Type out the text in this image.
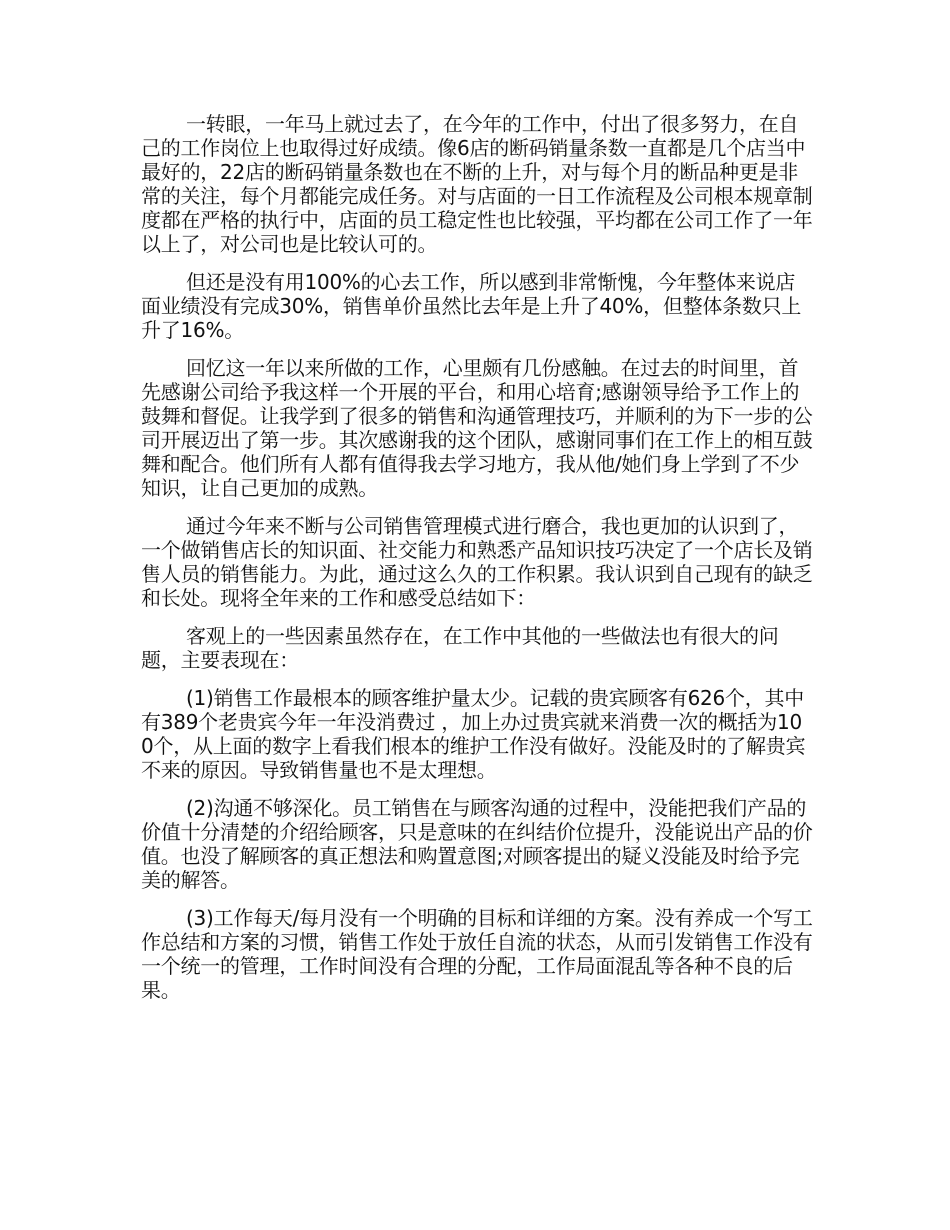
一转眼，一年马上就过去了，在今年的工作中，付出了很多努力，在自己的工作岗位上也取得过好成绩。像6店的断码销量条数一直都是几个店当中最好的，22店的断码销量条数也在不断的上升，对与每个月的断品种更是非常的关注，每个月都能完成任务。对与店面的一日工作流程及公司根本规章制度都在严格的执行中，店面的员工稳定性也比较强，平均都在公司工作了一年以上了，对公司也是比较认可的。

但还是没有用100%的心去工作，所以感到非常惭愧，今年整体来说店面业绩没有完成30%，销售单价虽然比去年是上升了40%，但整体条数只上升了16%。

回忆这一年以来所做的工作，心里颇有几份感触。在过去的时间里，首先感谢公司给予我这样一个开展的平台，和用心培育;感谢领导给予工作上的鼓舞和督促。让我学到了很多的销售和沟通管理技巧，并顺利的为下一步的公司开展迈出了第一步。其次感谢我的这个团队，感谢同事们在工作上的相互鼓舞和配合。他们所有人都有值得我去学习地方，我从他/她们身上学到了不少知识，让自己更加的成熟。

通过今年来不断与公司销售管理模式进行磨合，我也更加的认识到了，一个做销售店长的知识面、社交能力和熟悉产品知识技巧决定了一个店长及销售人员的销售能力。为此，通过这么久的工作积累。我认识到自己现有的缺乏和长处。现将全年来的工作和感受总结如下：

客观上的一些因素虽然存在，在工作中其他的一些做法也有很大的问题，主要表现在：

(1)销售工作最根本的顾客维护量太少。记载的贵宾顾客有626个，其中有389个老贵宾今年一年没消费过 ，加上办过贵宾就来消费一次的概括为100个，从上面的数字上看我们根本的维护工作没有做好。没能及时的了解贵宾不来的原因。导致销售量也不是太理想。

(2)沟通不够深化。员工销售在与顾客沟通的过程中，没能把我们产品的价值十分清楚的介绍给顾客，只是意味的在纠结价位提升，没能说出产品的价值。也没了解顾客的真正想法和购置意图;对顾客提出的疑义没能及时给予完美的解答。

(3)工作每天/每月没有一个明确的目标和详细的方案。没有养成一个写工作总结和方案的习惯，销售工作处于放任自流的状态，从而引发销售工作没有一个统一的管理，工作时间没有合理的分配，工作局面混乱等各种不良的后果。
